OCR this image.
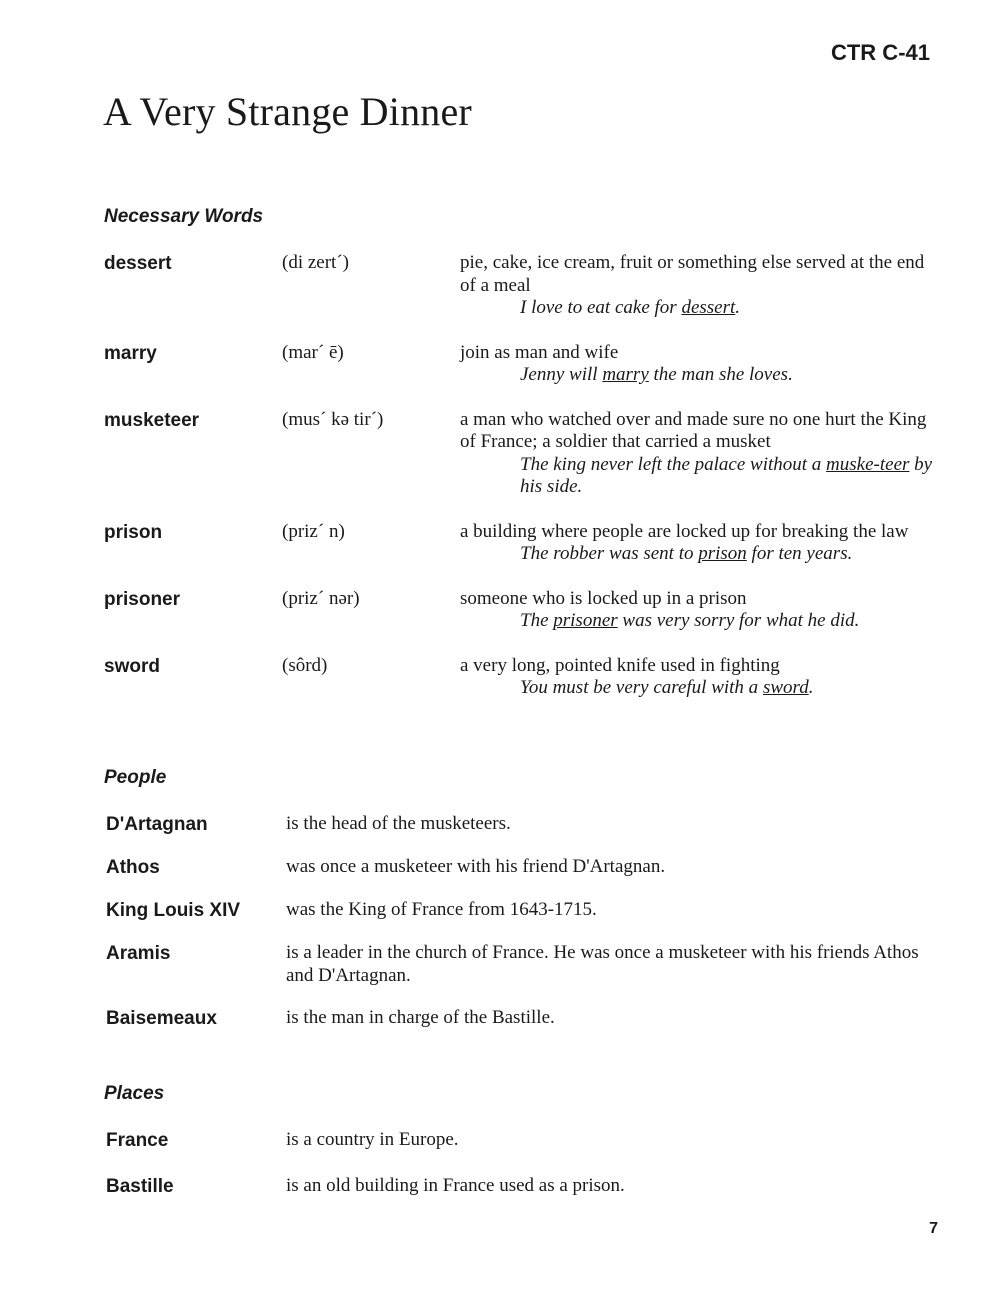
CTR C-41
A Very Strange Dinner
Necessary Words
dessert	(di zert´)	pie, cake, ice cream, fruit or something else served at the end of a meal
I love to eat cake for dessert.
marry	(mar´ ē)	join as man and wife
Jenny will marry the man she loves.
musketeer	(mus´ kə tir´)	a man who watched over and made sure no one hurt the King of France; a soldier that carried a musket
The king never left the palace without a muske-teer by his side.
prison	(priz´ n)	a building where people are locked up for breaking the law
The robber was sent to prison for ten years.
prisoner	(priz´ nər)	someone who is locked up in a prison
The prisoner was very sorry for what he did.
sword	(sôrd)	a very long, pointed knife used in fighting
You must be very careful with a sword.
People
D'Artagnan	is the head of the musketeers.
Athos	was once a musketeer with his friend D'Artagnan.
King Louis XIV	was the King of France from 1643-1715.
Aramis	is a leader in the church of France. He was once a musketeer with his friends Athos and D'Artagnan.
Baisemeaux	is the man in charge of the Bastille.
Places
France	is a country in Europe.
Bastille	is an old building in France used as a prison.
7
